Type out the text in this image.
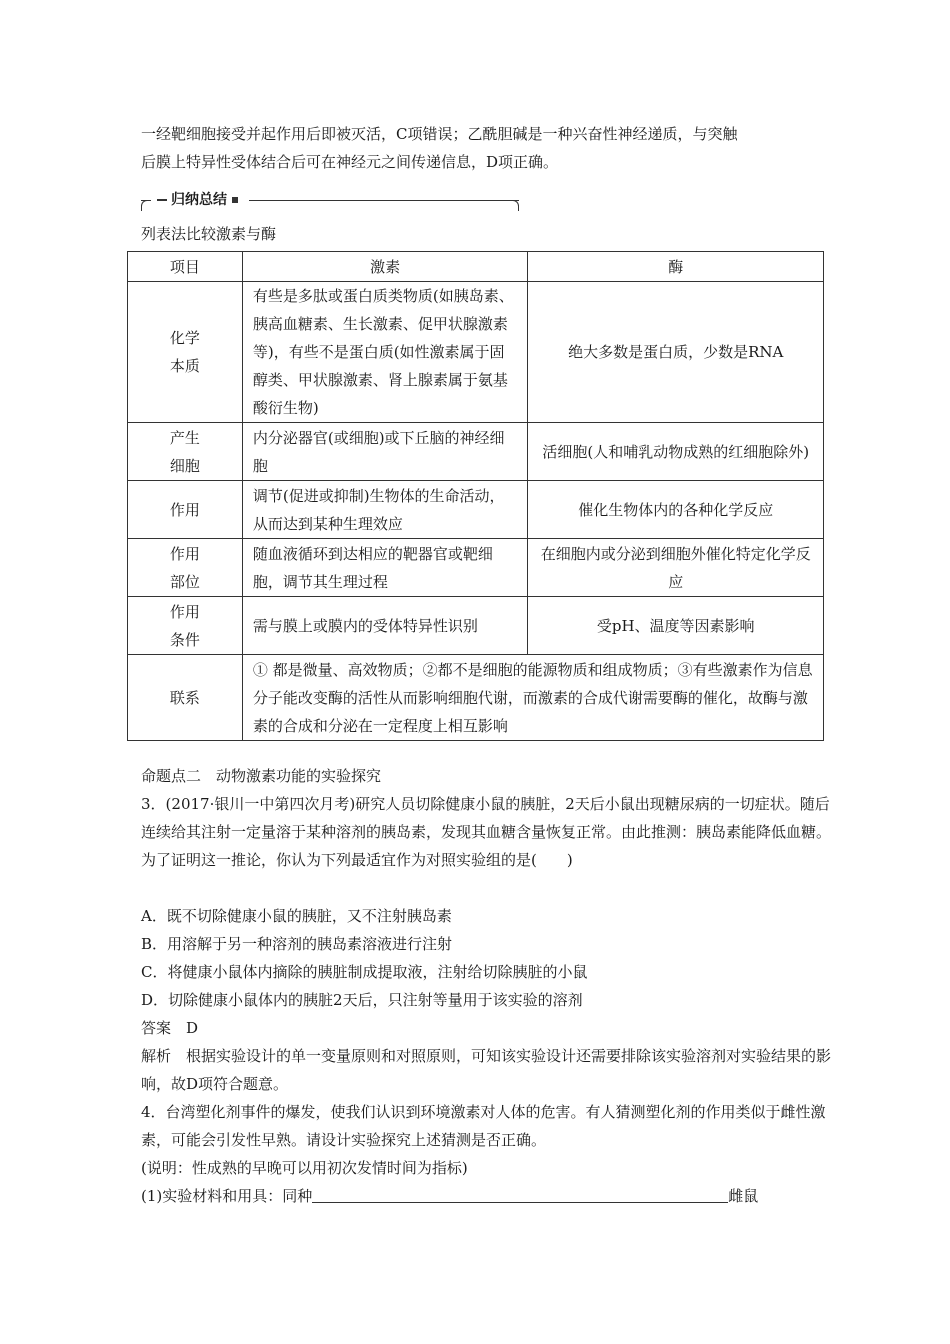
一经靶细胞接受并起作用后即被灭活，C项错误；乙酰胆碱是一种兴奋性神经递质，与突触

后膜上特异性受体结合后可在神经元之间传递信息，D项正确。

归纳总结

列表法比较激素与酶

项目	激素	酶
化学
本质	有些是多肽或蛋白质类物质(如胰岛素、胰高血糖素、生长激素、促甲状腺激素等)，有些不是蛋白质(如性激素属于固醇类、甲状腺激素、肾上腺素属于氨基酸衍生物)	绝大多数是蛋白质，少数是RNA
产生
细胞	内分泌器官(或细胞)或下丘脑的神经细胞	活细胞(人和哺乳动物成熟的红细胞除外)
作用	调节(促进或抑制)生物体的生命活动，从而达到某种生理效应	催化生物体内的各种化学反应
作用
部位	随血液循环到达相应的靶器官或靶细胞，调节其生理过程	在细胞内或分泌到细胞外催化特定化学反应
作用
条件	需与膜上或膜内的受体特异性识别	受pH、温度等因素影响
联系	① 都是微量、高效物质；②都不是细胞的能源物质和组成物质；③有些激素作为信息分子能改变酶的活性从而影响细胞代谢，而激素的合成代谢需要酶的催化，故酶与激素的合成和分泌在一定程度上相互影响	

命题点二　动物激素功能的实验探究

3．(2017·银川一中第四次月考)研究人员切除健康小鼠的胰脏，2天后小鼠出现糖尿病的一切症状。随后连续给其注射一定量溶于某种溶剂的胰岛素，发现其血糖含量恢复正常。由此推测：胰岛素能降低血糖。为了证明这一推论，你认为下列最适宜作为对照实验组的是(　　)

A．既不切除健康小鼠的胰脏，又不注射胰岛素

B．用溶解于另一种溶剂的胰岛素溶液进行注射

C．将健康小鼠体内摘除的胰脏制成提取液，注射给切除胰脏的小鼠

D．切除健康小鼠体内的胰脏2天后，只注射等量用于该实验的溶剂

答案　D

解析　根据实验设计的单一变量原则和对照原则，可知该实验设计还需要排除该实验溶剂对实验结果的影响，故D项符合题意。

4．台湾塑化剂事件的爆发，使我们认识到环境激素对人体的危害。有人猜测塑化剂的作用类似于雌性激素，可能会引发性早熟。请设计实验探究上述猜测是否正确。

(说明：性成熟的早晚可以用初次发情时间为指标)

(1)实验材料和用具：同种	雌鼠
